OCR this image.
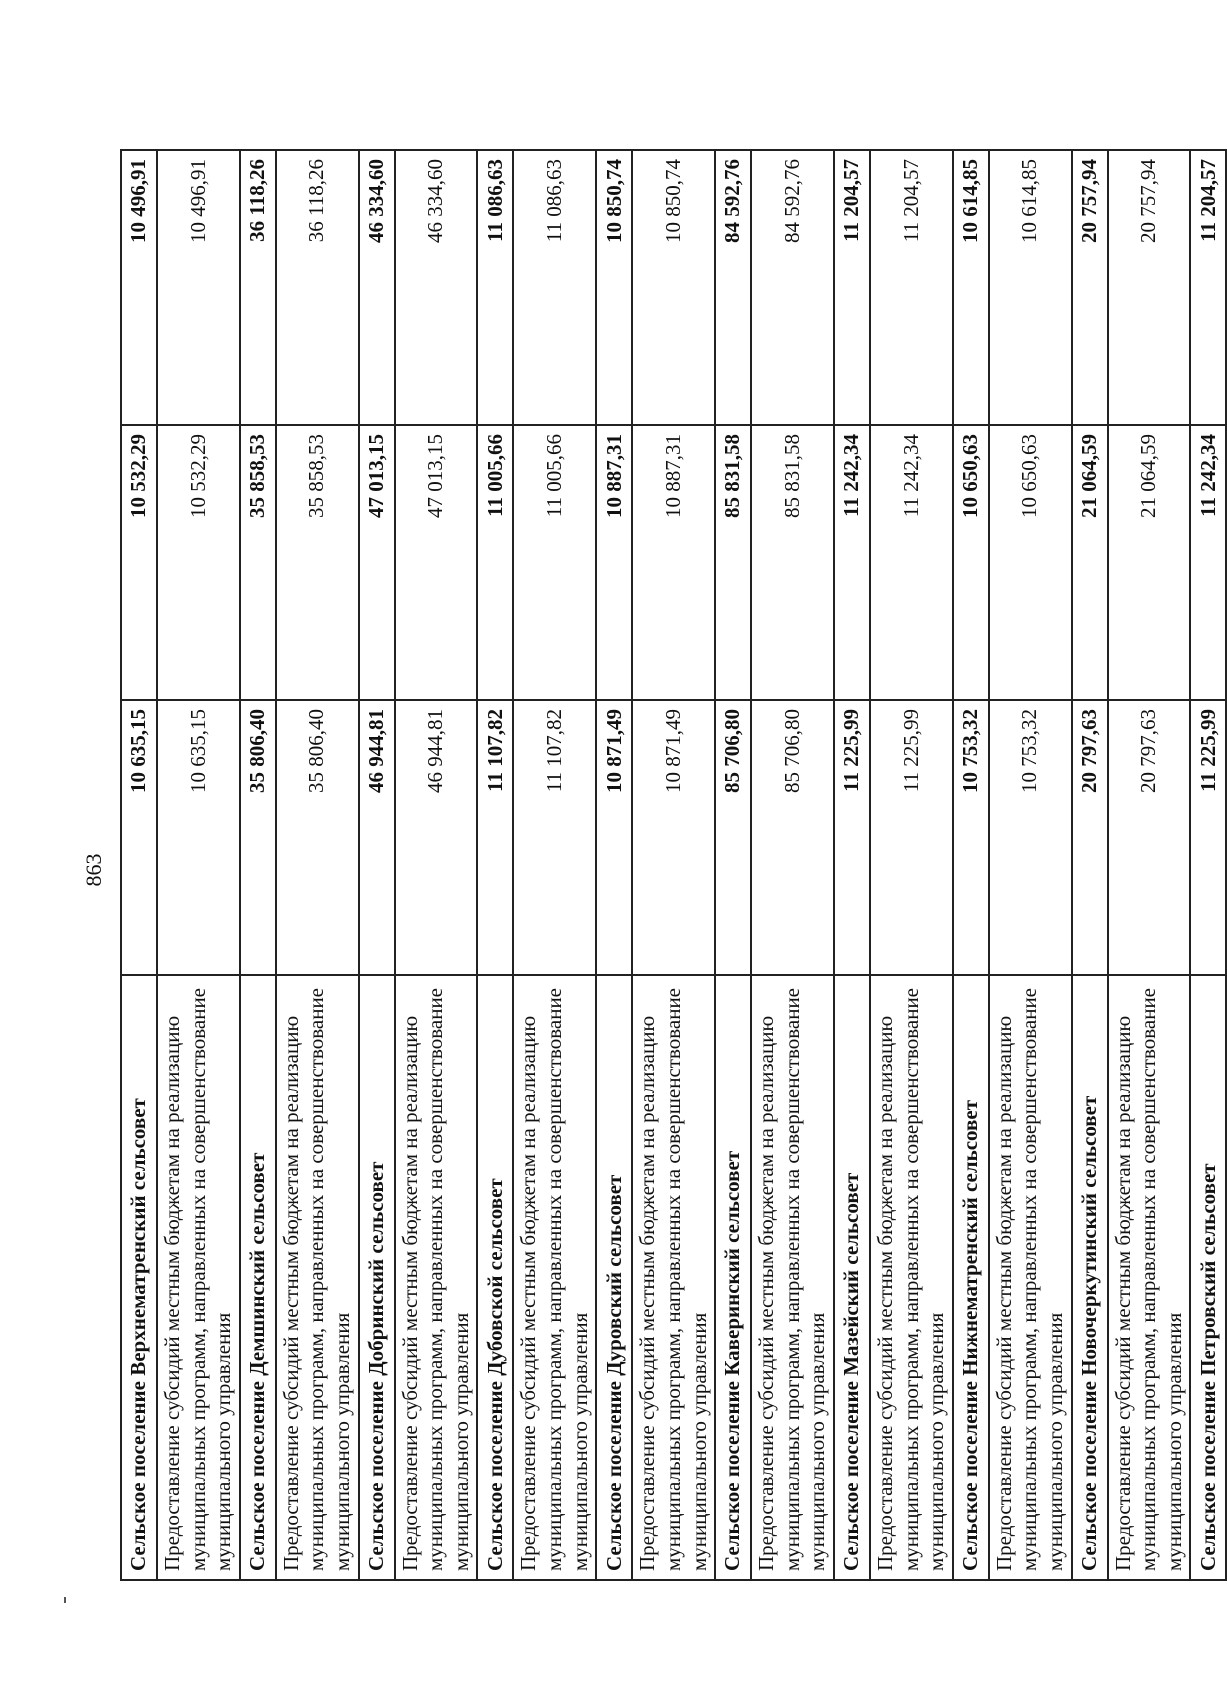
863
Сельское поселение Верхнематренский сельсовет	10 635,15	10 532,29	10 496,91
Предоставление субсидий местным бюджетам на реализацию муниципальных программ, направленных на совершенствование муниципального управления	10 635,15	10 532,29	10 496,91
Сельское поселение Демшинский сельсовет	35 806,40	35 858,53	36 118,26
Предоставление субсидий местным бюджетам на реализацию муниципальных программ, направленных на совершенствование муниципального управления	35 806,40	35 858,53	36 118,26
Сельское поселение Добринский сельсовет	46 944,81	47 013,15	46 334,60
Предоставление субсидий местным бюджетам на реализацию муниципальных программ, направленных на совершенствование муниципального управления	46 944,81	47 013,15	46 334,60
Сельское поселение Дубовской сельсовет	11 107,82	11 005,66	11 086,63
Предоставление субсидий местным бюджетам на реализацию муниципальных программ, направленных на совершенствование муниципального управления	11 107,82	11 005,66	11 086,63
Сельское поселение Дуровский сельсовет	10 871,49	10 887,31	10 850,74
Предоставление субсидий местным бюджетам на реализацию муниципальных программ, направленных на совершенствование муниципального управления	10 871,49	10 887,31	10 850,74
Сельское поселение Каверинский сельсовет	85 706,80	85 831,58	84 592,76
Предоставление субсидий местным бюджетам на реализацию муниципальных программ, направленных на совершенствование муниципального управления	85 706,80	85 831,58	84 592,76
Сельское поселение Мазейский сельсовет	11 225,99	11 242,34	11 204,57
Предоставление субсидий местным бюджетам на реализацию муниципальных программ, направленных на совершенствование муниципального управления	11 225,99	11 242,34	11 204,57
Сельское поселение Нижнематренский сельсовет	10 753,32	10 650,63	10 614,85
Предоставление субсидий местным бюджетам на реализацию муниципальных программ, направленных на совершенствование муниципального управления	10 753,32	10 650,63	10 614,85
Сельское поселение Новочеркутинский сельсовет	20 797,63	21 064,59	20 757,94
Предоставление субсидий местным бюджетам на реализацию муниципальных программ, направленных на совершенствование муниципального управления	20 797,63	21 064,59	20 757,94
Сельское поселение Петровский сельсовет	11 225,99	11 242,34	11 204,57
